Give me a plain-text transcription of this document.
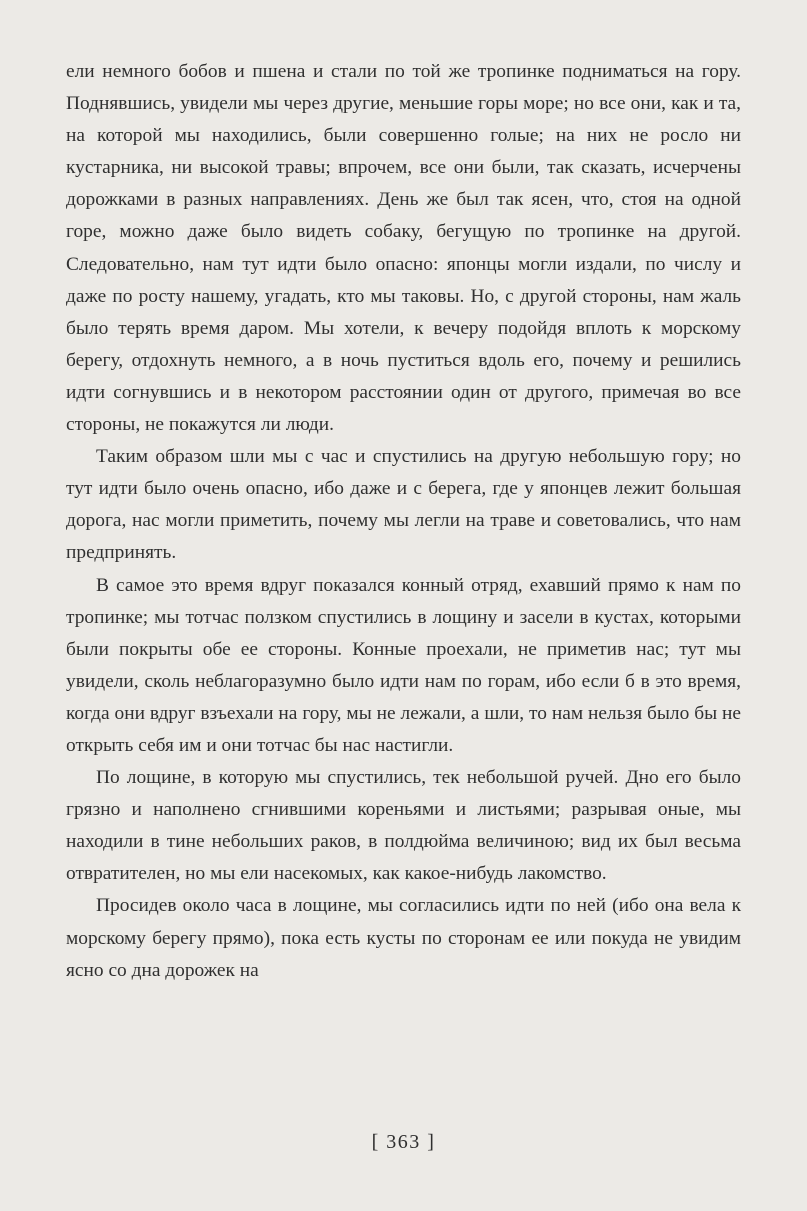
ели немного бобов и пшена и стали по той же тропинке подниматься на гору. Поднявшись, увидели мы через другие, меньшие горы море; но все они, как и та, на которой мы находились, были совершенно голые; на них не росло ни кустарника, ни высокой травы; впрочем, все они были, так сказать, исчерчены дорожками в разных направлениях. День же был так ясен, что, стоя на одной горе, можно даже было видеть собаку, бегущую по тропинке на другой. Следовательно, нам тут идти было опасно: японцы могли издали, по числу и даже по росту нашему, угадать, кто мы таковы. Но, с другой стороны, нам жаль было терять время даром. Мы хотели, к вечеру подойдя вплоть к морскому берегу, отдохнуть немного, а в ночь пуститься вдоль его, почему и решились идти согнувшись и в некотором расстоянии один от другого, примечая во все стороны, не покажутся ли люди.

Таким образом шли мы с час и спустились на другую небольшую гору; но тут идти было очень опасно, ибо даже и с берега, где у японцев лежит большая дорога, нас могли приметить, почему мы легли на траве и советовались, что нам предпринять.

В самое это время вдруг показался конный отряд, ехавший прямо к нам по тропинке; мы тотчас ползком спустились в лощину и засели в кустах, которыми были покрыты обе ее стороны. Конные проехали, не приметив нас; тут мы увидели, сколь неблагоразумно было идти нам по горам, ибо если б в это время, когда они вдруг взъехали на гору, мы не лежали, а шли, то нам нельзя было бы не открыть себя им и они тотчас бы нас настигли.

По лощине, в которую мы спустились, тек небольшой ручей. Дно его было грязно и наполнено сгнившими кореньями и листьями; разрывая оные, мы находили в тине небольших раков, в полдюйма величиною; вид их был весьма отвратителен, но мы ели насекомых, как какое-нибудь лакомство.

Просидев около часа в лощине, мы согласились идти по ней (ибо она вела к морскому берегу прямо), пока есть кусты по сторонам ее или покуда не увидим ясно со дна дорожек на

[ 363 ]
